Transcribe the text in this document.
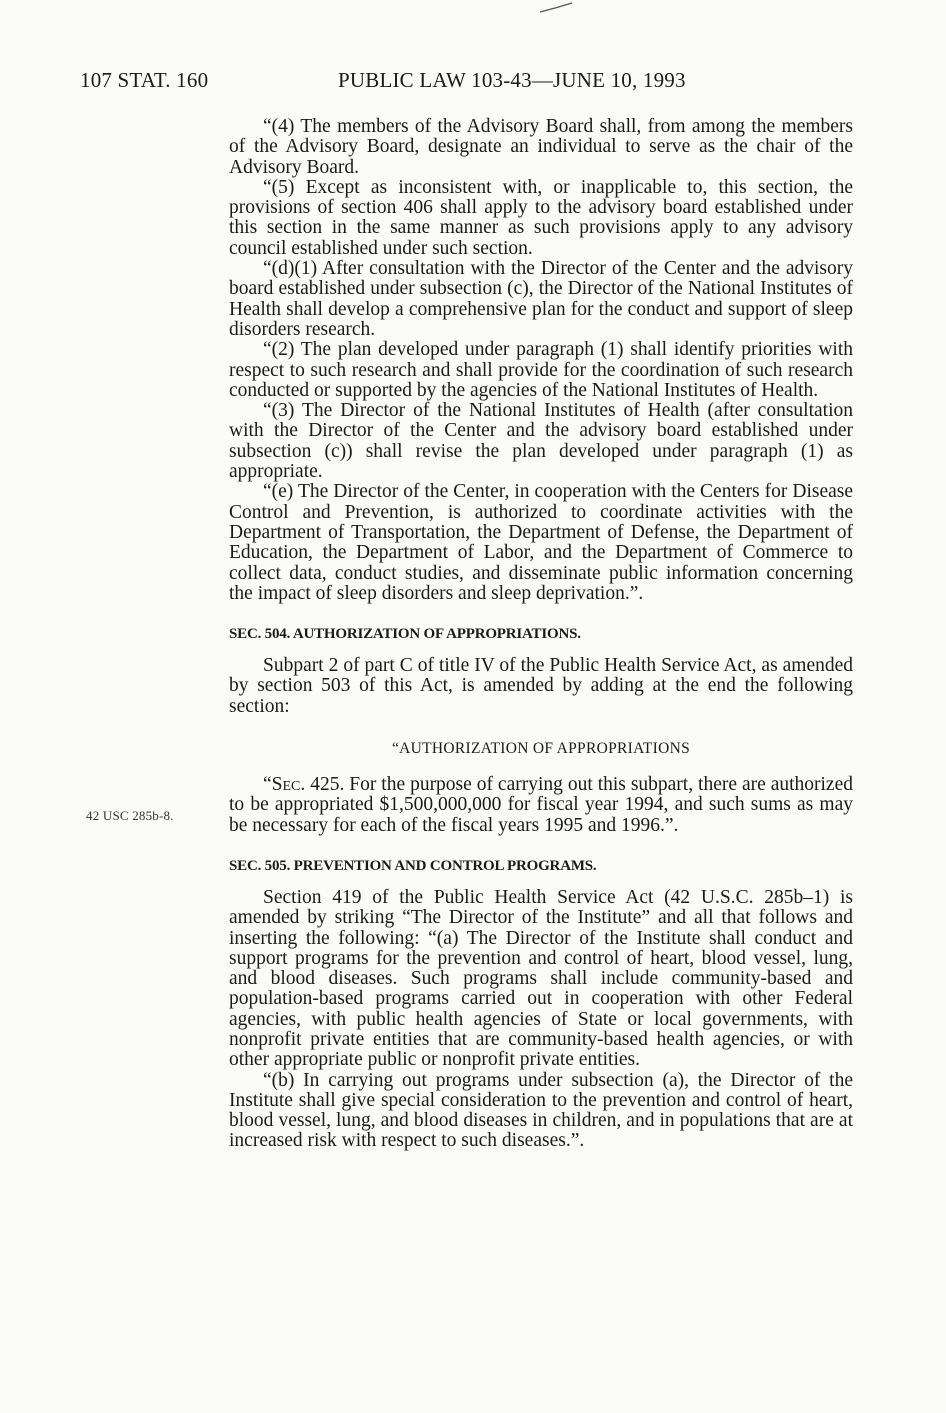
107 STAT. 160	PUBLIC LAW 103-43—JUNE 10, 1993
42 USC 285b-8.

“(4) The members of the Advisory Board shall, from among the members of the Advisory Board, designate an individual to serve as the chair of the Advisory Board.

“(5) Except as inconsistent with, or inapplicable to, this section, the provisions of section 406 shall apply to the advisory board established under this section in the same manner as such provisions apply to any advisory council established under such section.

“(d)(1) After consultation with the Director of the Center and the advisory board established under subsection (c), the Director of the National Institutes of Health shall develop a comprehensive plan for the conduct and support of sleep disorders research.

“(2) The plan developed under paragraph (1) shall identify priorities with respect to such research and shall provide for the coordination of such research conducted or supported by the agencies of the National Institutes of Health.

“(3) The Director of the National Institutes of Health (after consultation with the Director of the Center and the advisory board established under subsection (c)) shall revise the plan developed under paragraph (1) as appropriate.

“(e) The Director of the Center, in cooperation with the Centers for Disease Control and Prevention, is authorized to coordinate activities with the Department of Transportation, the Department of Defense, the Department of Education, the Department of Labor, and the Department of Commerce to collect data, conduct studies, and disseminate public information concerning the impact of sleep disorders and sleep deprivation.”.

SEC. 504. AUTHORIZATION OF APPROPRIATIONS.

Subpart 2 of part C of title IV of the Public Health Service Act, as amended by section 503 of this Act, is amended by adding at the end the following section:

“AUTHORIZATION OF APPROPRIATIONS

“Sec. 425. For the purpose of carrying out this subpart, there are authorized to be appropriated $1,500,000,000 for fiscal year 1994, and such sums as may be necessary for each of the fiscal years 1995 and 1996.”.

SEC. 505. PREVENTION AND CONTROL PROGRAMS.

Section 419 of the Public Health Service Act (42 U.S.C. 285b–1) is amended by striking “The Director of the Institute” and all that follows and inserting the following: “(a) The Director of the Institute shall conduct and support programs for the prevention and control of heart, blood vessel, lung, and blood diseases. Such programs shall include community-based and population-based programs carried out in cooperation with other Federal agencies, with public health agencies of State or local governments, with nonprofit private entities that are community-based health agencies, or with other appropriate public or nonprofit private entities.

“(b) In carrying out programs under subsection (a), the Director of the Institute shall give special consideration to the prevention and control of heart, blood vessel, lung, and blood diseases in children, and in populations that are at increased risk with respect to such diseases.”.
